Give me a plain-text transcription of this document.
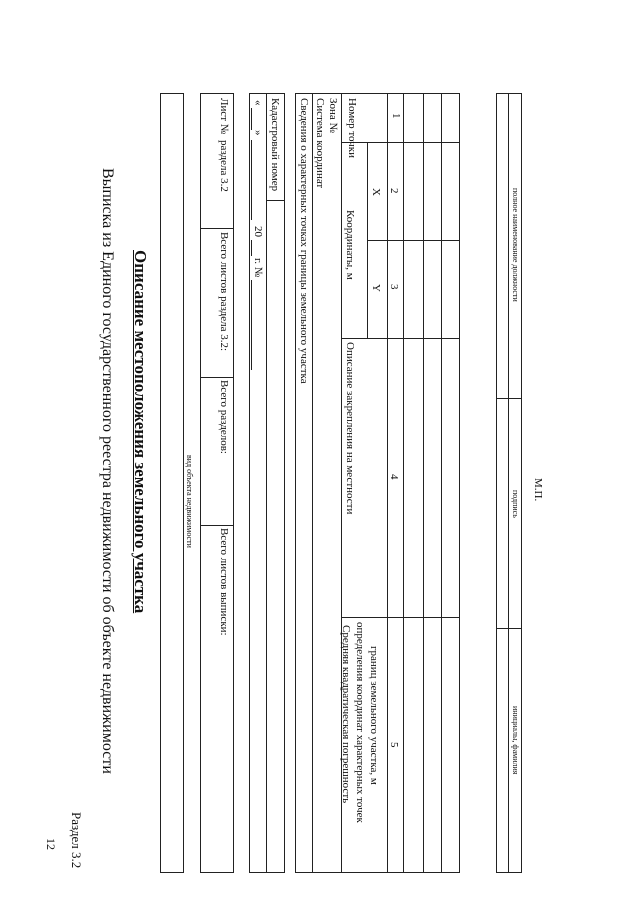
12 Раздел 3.2
Выписка из Единого государственного реестра недвижимости об объекте недвижимости Описание местоположения земельного участка	вид объекта недвижимости
Лист №
раздела 3.2
Всего листов раздела 3.2:
Всего разделов:
Всего листов выписки:
«
»
20
г. №
Кадастровый номер Сведения о характерных точках границы земельного участка Система координат Зона № Номер точки
Координаты, м
X
Y
Описание закрепления на местности
Средняя квадратическая погрешность определения координат характерных точек границ земельного участка, м
1
2
3
4
5
полное наименование должности
подпись
инициалы, фамилия
М.П.
